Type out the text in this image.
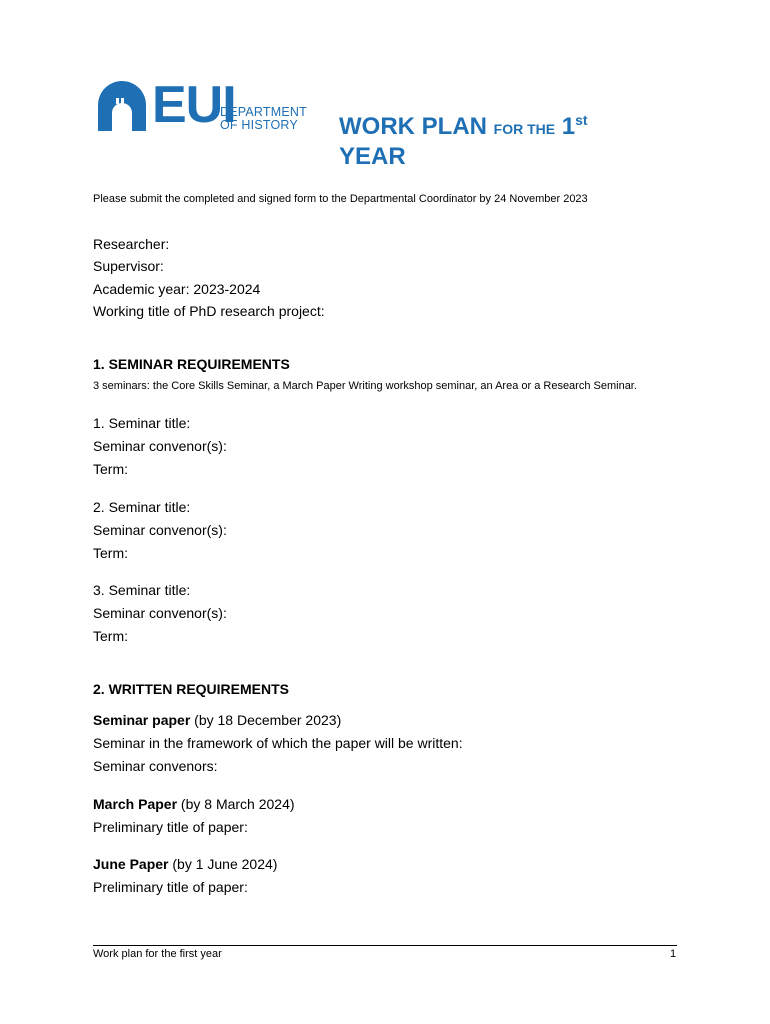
EUI
DEPARTMENT
OF HISTORY	WORK PLAN FOR THE 1st
YEAR
Please submit the completed and signed form to the Departmental Coordinator by 24 November 2023
Researcher:
Supervisor:
Academic year: 2023-2024
Working title of PhD research project:
1. SEMINAR REQUIREMENTS
3 seminars: the Core Skills Seminar, a March Paper Writing workshop seminar, an Area or a Research Seminar.
1. Seminar title:
Seminar convenor(s):
Term:
2. Seminar title:
Seminar convenor(s):
Term:
3. Seminar title:
Seminar convenor(s):
Term:
2. WRITTEN REQUIREMENTS
Seminar paper (by 18 December 2023)
Seminar in the framework of which the paper will be written:
Seminar convenors:
March Paper (by 8 March 2024)
Preliminary title of paper:
June Paper (by 1 June 2024)
Preliminary title of paper:
Work plan for the first year	1
